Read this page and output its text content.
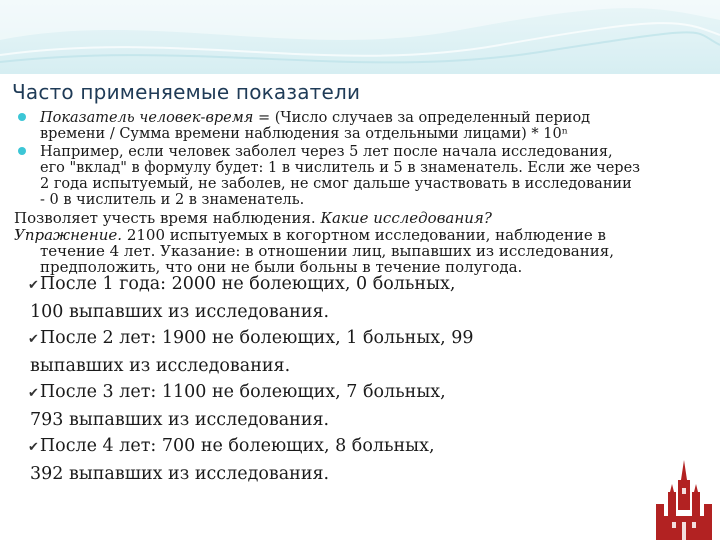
Часто применяемые показатели
Показатель человек-время = (Число случаев за определенный период
времени / Сумма времени наблюдения за отдельными лицами) * 10ⁿ
Например, если человек заболел через 5 лет после начала исследования,
его "вклад" в формулу будет: 1 в числитель и 5 в знаменатель. Если же через
2 года испытуемый, не заболев, не смог дальше участвовать в исследовании
- 0 в числитель и 2 в знаменатель.
Позволяет учесть время наблюдения. Какие исследования?
Упражнение. 2100 испытуемых в когортном исследовании, наблюдение в
течение 4 лет. Указание: в отношении лиц, выпавших из исследования,
предположить, что они не были больны в течение полугода.
✔После 1 года: 2000 не болеющих, 0 больных,
100 выпавших из исследования.
✔После 2 лет: 1900 не болеющих, 1 больных, 99
выпавших из исследования.
✔После 3 лет: 1100 не болеющих, 7 больных,
793 выпавших из исследования.
✔После 4 лет: 700 не болеющих, 8 больных,
392 выпавших из исследования.
